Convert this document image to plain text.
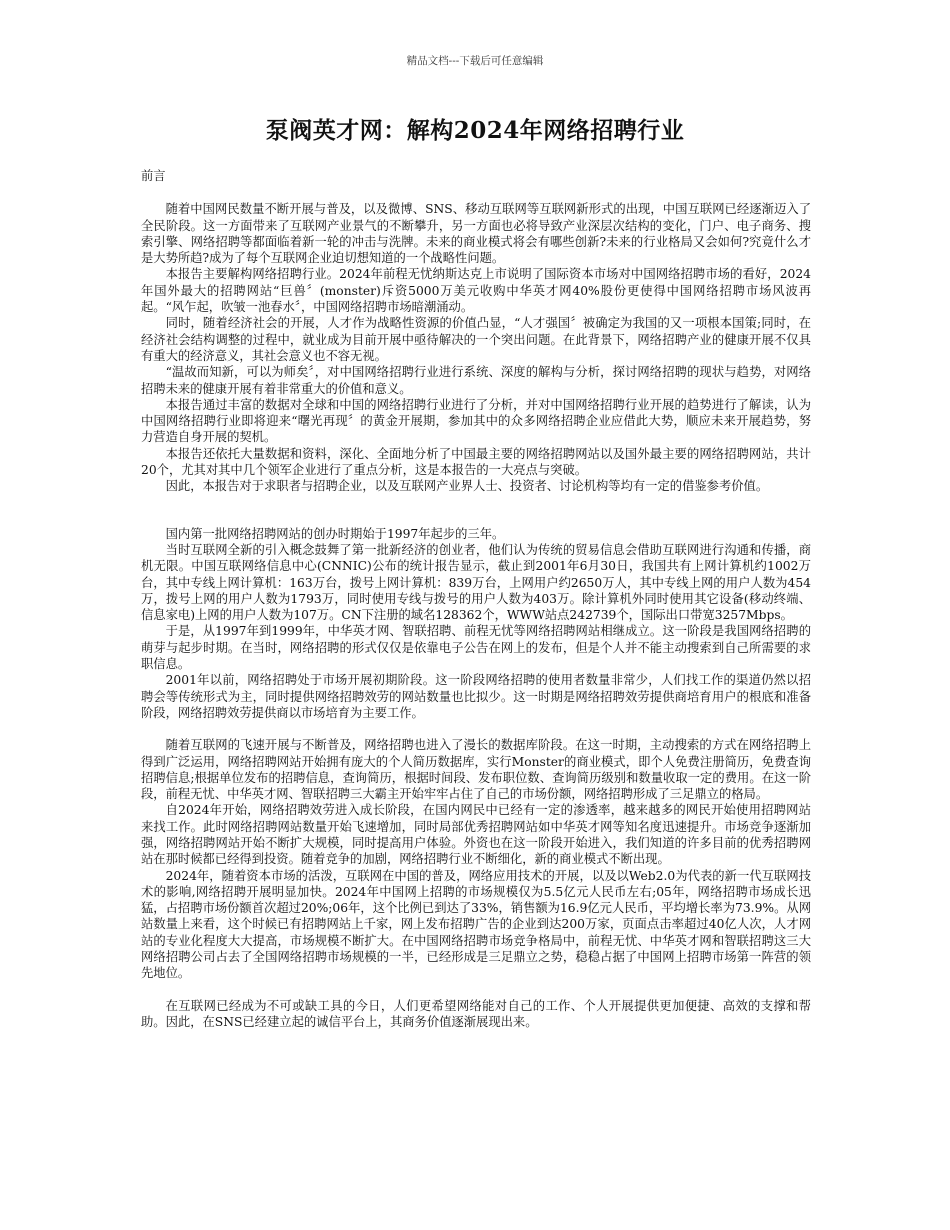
精品文档---下载后可任意编辑
泵阀英才网：解构2024年网络招聘行业

前言

随着中国网民数量不断开展与普及，以及微博、SNS、移动互联网等互联网新形式的出现，中国互联网已经逐渐迈入了全民阶段。这一方面带来了互联网产业景气的不断攀升，另一方面也必将导致产业深层次结构的变化，门户、电子商务、搜索引擎、网络招聘等都面临着新一轮的冲击与洗牌。未来的商业模式将会有哪些创新?未来的行业格局又会如何?究竟什么才是大势所趋?成为了每个互联网企业迫切想知道的一个战略性问题。

本报告主要解构网络招聘行业。2024年前程无忧纳斯达克上市说明了国际资本市场对中国网络招聘市场的看好，2024年国外最大的招聘网站“巨兽〞(monster)斥资5000万美元收购中华英才网40%股份更使得中国网络招聘市场风波再起。“风乍起，吹皱一池春水〞，中国网络招聘市场暗潮涌动。

同时，随着经济社会的开展，人才作为战略性资源的价值凸显，“人才强国〞被确定为我国的又一项根本国策;同时，在经济社会结构调整的过程中，就业成为目前开展中亟待解决的一个突出问题。在此背景下，网络招聘产业的健康开展不仅具有重大的经济意义，其社会意义也不容无视。

“温故而知新，可以为师矣〞，对中国网络招聘行业进行系统、深度的解构与分析，探讨网络招聘的现状与趋势，对网络招聘未来的健康开展有着非常重大的价值和意义。

本报告通过丰富的数据对全球和中国的网络招聘行业进行了分析，并对中国网络招聘行业开展的趋势进行了解读，认为中国网络招聘行业即将迎来“曙光再现〞的黄金开展期，参加其中的众多网络招聘企业应借此大势，顺应未来开展趋势，努力营造自身开展的契机。

本报告还依托大量数据和资料，深化、全面地分析了中国最主要的网络招聘网站以及国外最主要的网络招聘网站，共计20个，尤其对其中几个领军企业进行了重点分析，这是本报告的一大亮点与突破。

因此，本报告对于求职者与招聘企业，以及互联网产业界人士、投资者、讨论机构等均有一定的借鉴参考价值。

国内第一批网络招聘网站的创办时期始于1997年起步的三年。

当时互联网全新的引入概念鼓舞了第一批新经济的创业者，他们认为传统的贸易信息会借助互联网进行沟通和传播，商机无限。中国互联网络信息中心(CNNIC)公布的统计报告显示，截止到2001年6月30日，我国共有上网计算机约1002万台，其中专线上网计算机：163万台，拨号上网计算机：839万台，上网用户约2650万人，其中专线上网的用户人数为454万，拨号上网的用户人数为1793万，同时使用专线与拨号的用户人数为403万。除计算机外同时使用其它设备(移动终端、信息家电)上网的用户人数为107万。CN下注册的域名128362个，WWW站点242739个，国际出口带宽3257Mbps。

于是，从1997年到1999年，中华英才网、智联招聘、前程无忧等网络招聘网站相继成立。这一阶段是我国网络招聘的萌芽与起步时期。在当时，网络招聘的形式仅仅是依靠电子公告在网上的发布，但是个人并不能主动搜索到自己所需要的求职信息。

2001年以前，网络招聘处于市场开展初期阶段。这一阶段网络招聘的使用者数量非常少，人们找工作的渠道仍然以招聘会等传统形式为主，同时提供网络招聘效劳的网站数量也比拟少。这一时期是网络招聘效劳提供商培育用户的根底和准备阶段，网络招聘效劳提供商以市场培育为主要工作。

随着互联网的飞速开展与不断普及，网络招聘也进入了漫长的数据库阶段。在这一时期，主动搜索的方式在网络招聘上得到广泛运用，网络招聘网站开始拥有庞大的个人简历数据库，实行Monster的商业模式，即个人免费注册简历，免费查询招聘信息;根据单位发布的招聘信息，查询简历，根据时间段、发布职位数、查询简历级别和数量收取一定的费用。在这一阶段，前程无忧、中华英才网、智联招聘三大霸主开始牢牢占住了自己的市场份额，网络招聘形成了三足鼎立的格局。

自2024年开始，网络招聘效劳进入成长阶段，在国内网民中已经有一定的渗透率，越来越多的网民开始使用招聘网站来找工作。此时网络招聘网站数量开始飞速增加，同时局部优秀招聘网站如中华英才网等知名度迅速提升。市场竞争逐渐加强，网络招聘网站开始不断扩大规模，同时提高用户体验。外资也在这一阶段开始进入，我们知道的许多目前的优秀招聘网站在那时候都已经得到投资。随着竞争的加剧，网络招聘行业不断细化，新的商业模式不断出现。

2024年，随着资本市场的活泼，互联网在中国的普及，网络应用技术的开展，以及以Web2.0为代表的新一代互联网技术的影响,网络招聘开展明显加快。2024年中国网上招聘的市场规模仅为5.5亿元人民币左右;05年，网络招聘市场成长迅猛，占招聘市场份额首次超过20%;06年，这个比例已到达了33%，销售额为16.9亿元人民币，平均增长率为73.9%。从网站数量上来看，这个时候已有招聘网站上千家，网上发布招聘广告的企业到达200万家，页面点击率超过40亿人次，人才网站的专业化程度大大提高，市场规模不断扩大。在中国网络招聘市场竞争格局中，前程无忧、中华英才网和智联招聘这三大网络招聘公司占去了全国网络招聘市场规模的一半，已经形成是三足鼎立之势，稳稳占据了中国网上招聘市场第一阵营的领先地位。

在互联网已经成为不可或缺工具的今日，人们更希望网络能对自己的工作、个人开展提供更加便捷、高效的支撑和帮助。因此，在SNS已经建立起的诚信平台上，其商务价值逐渐展现出来。
